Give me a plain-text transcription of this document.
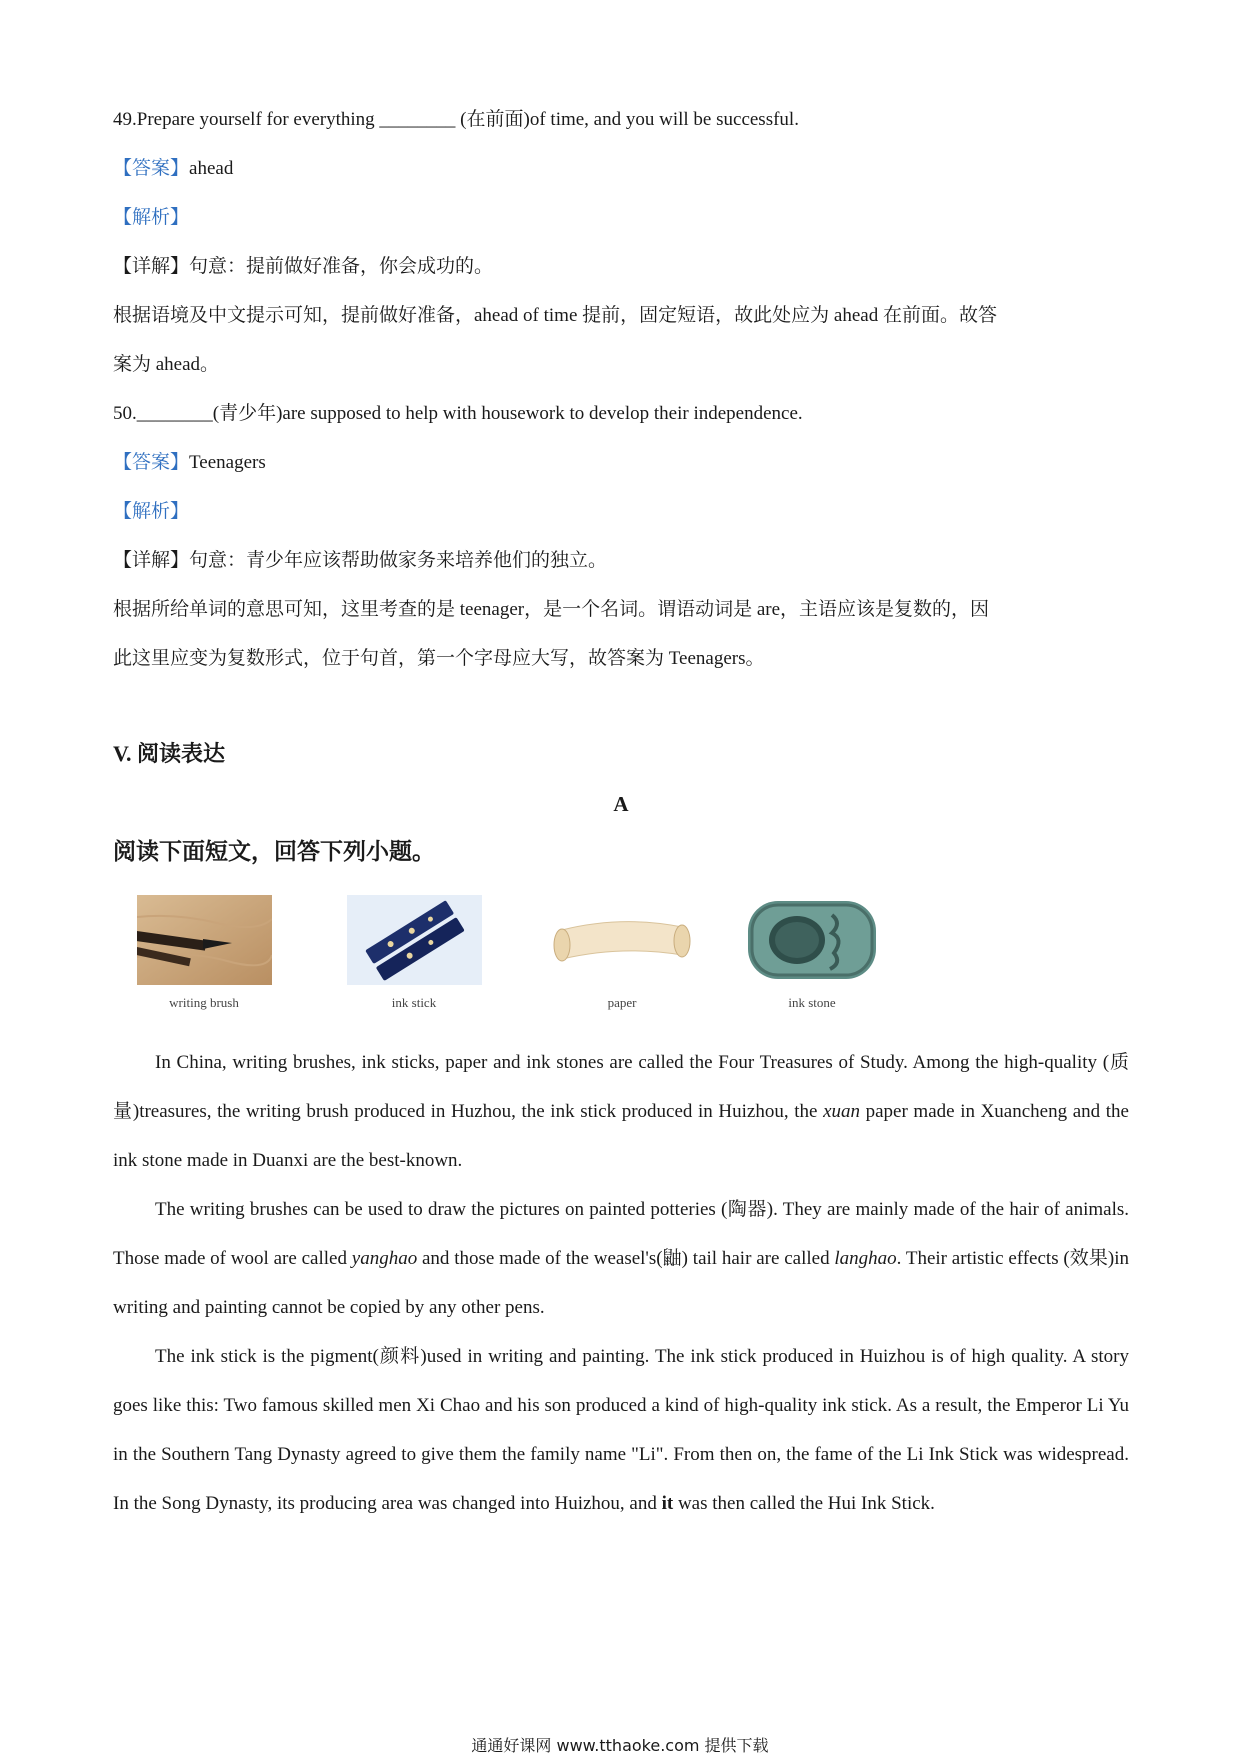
49.Prepare yourself for everything ________ (在前面)of time, and you will be successful.
【答案】ahead
【解析】
【详解】句意：提前做好准备，你会成功的。
根据语境及中文提示可知，提前做好准备，ahead of time 提前，固定短语，故此处应为 ahead 在前面。故答
案为 ahead。
50.________(青少年)are supposed to help with housework to develop their independence.
【答案】Teenagers
【解析】
【详解】句意：青少年应该帮助做家务来培养他们的独立。
根据所给单词的意思可知，这里考查的是 teenager，是一个名词。谓语动词是 are，主语应该是复数的，因
此这里应变为复数形式，位于句首，第一个字母应大写，故答案为 Teenagers。
V. 阅读表达
A
阅读下面短文，回答下列小题。
writing brush	ink stick	paper	ink stone
In China, writing brushes, ink sticks, paper and ink stones are called the Four Treasures of Study. Among the high-quality (质量)treasures, the writing brush produced in Huzhou, the ink stick produced in Huizhou, the xuan paper made in Xuancheng and the ink stone made in Duanxi are the best-known.
The writing brushes can be used to draw the pictures on painted potteries (陶器). They are mainly made of the hair of animals. Those made of wool are called yanghao and those made of the weasel's(鼬) tail hair are called langhao. Their artistic effects (效果)in writing and painting cannot be copied by any other pens.
The ink stick is the pigment(颜料)used in writing and painting. The ink stick produced in Huizhou is of high quality. A story goes like this: Two famous skilled men Xi Chao and his son produced a kind of high-quality ink stick. As a result, the Emperor Li Yu in the Southern Tang Dynasty agreed to give them the family name "Li". From then on, the fame of the Li Ink Stick was widespread. In the Song Dynasty, its producing area was changed into Huizhou, and it was then called the Hui Ink Stick.
通通好课网 www.tthaoke.com 提供下载
